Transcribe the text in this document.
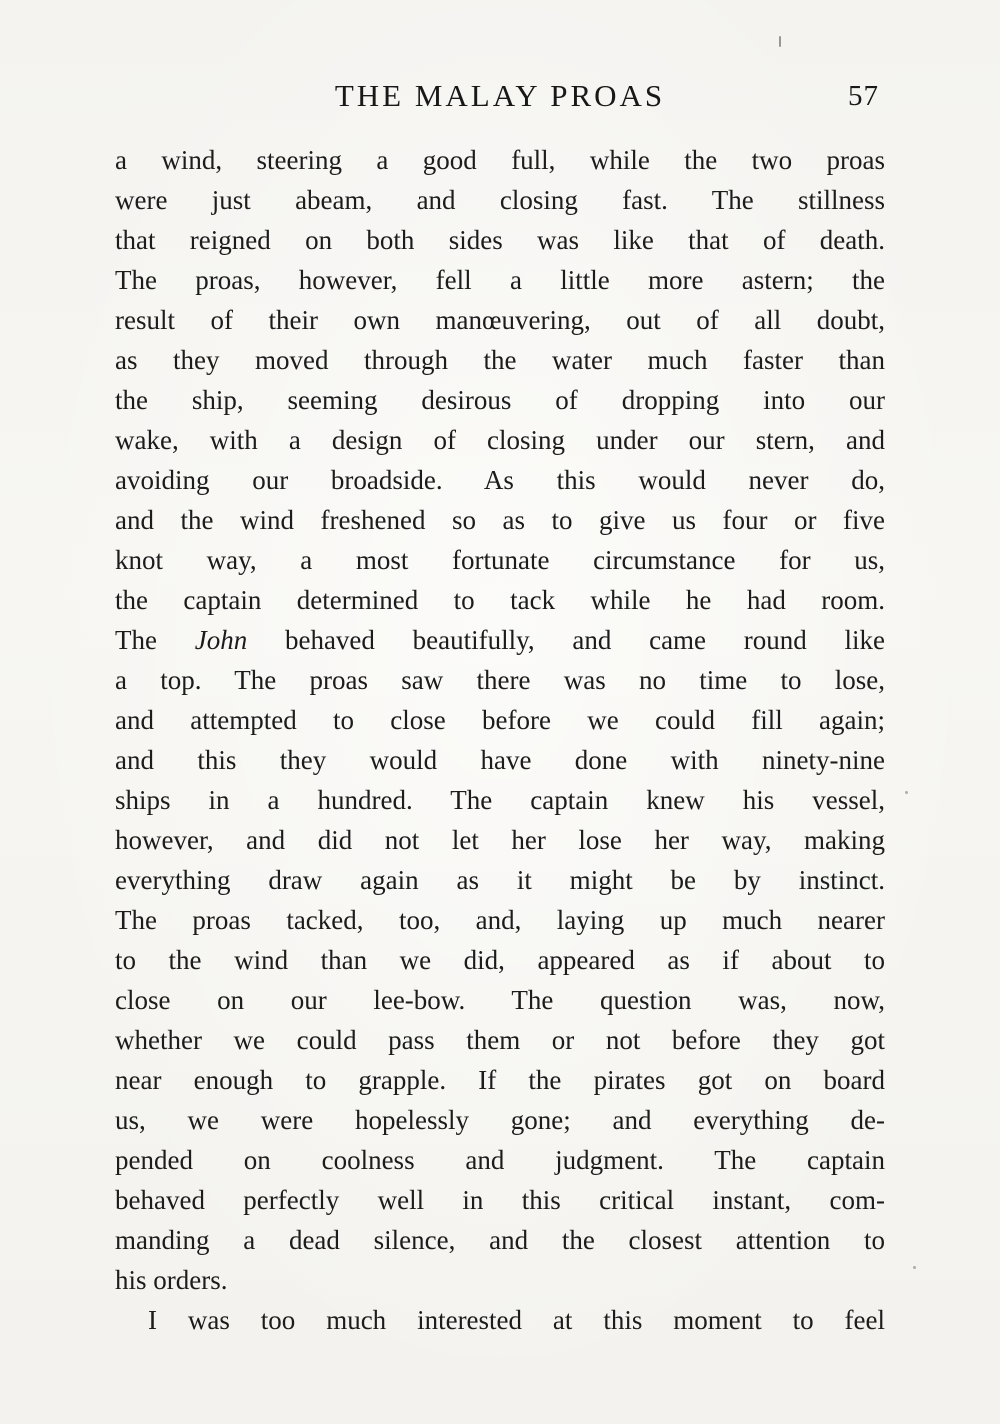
THE MALAY PROAS	57
a wind, steering a good full, while the two proas
were just abeam, and closing fast. The stillness
that reigned on both sides was like that of death.
The proas, however, fell a little more astern; the
result of their own manœuvering, out of all doubt,
as they moved through the water much faster than
the ship, seeming desirous of dropping into our
wake, with a design of closing under our stern, and
avoiding our broadside. As this would never do,
and the wind freshened so as to give us four or five
knot way, a most fortunate circumstance for us,
the captain determined to tack while he had room.
The John behaved beautifully, and came round like
a top. The proas saw there was no time to lose,
and attempted to close before we could fill again;
and this they would have done with ninety-nine
ships in a hundred. The captain knew his vessel,
however, and did not let her lose her way, making
everything draw again as it might be by instinct.
The proas tacked, too, and, laying up much nearer
to the wind than we did, appeared as if about to
close on our lee-bow. The question was, now,
whether we could pass them or not before they got
near enough to grapple. If the pirates got on board
us, we were hopelessly gone; and everything de-
pended on coolness and judgment. The captain
behaved perfectly well in this critical instant, com-
manding a dead silence, and the closest attention to
his orders.
I was too much interested at this moment to feel
